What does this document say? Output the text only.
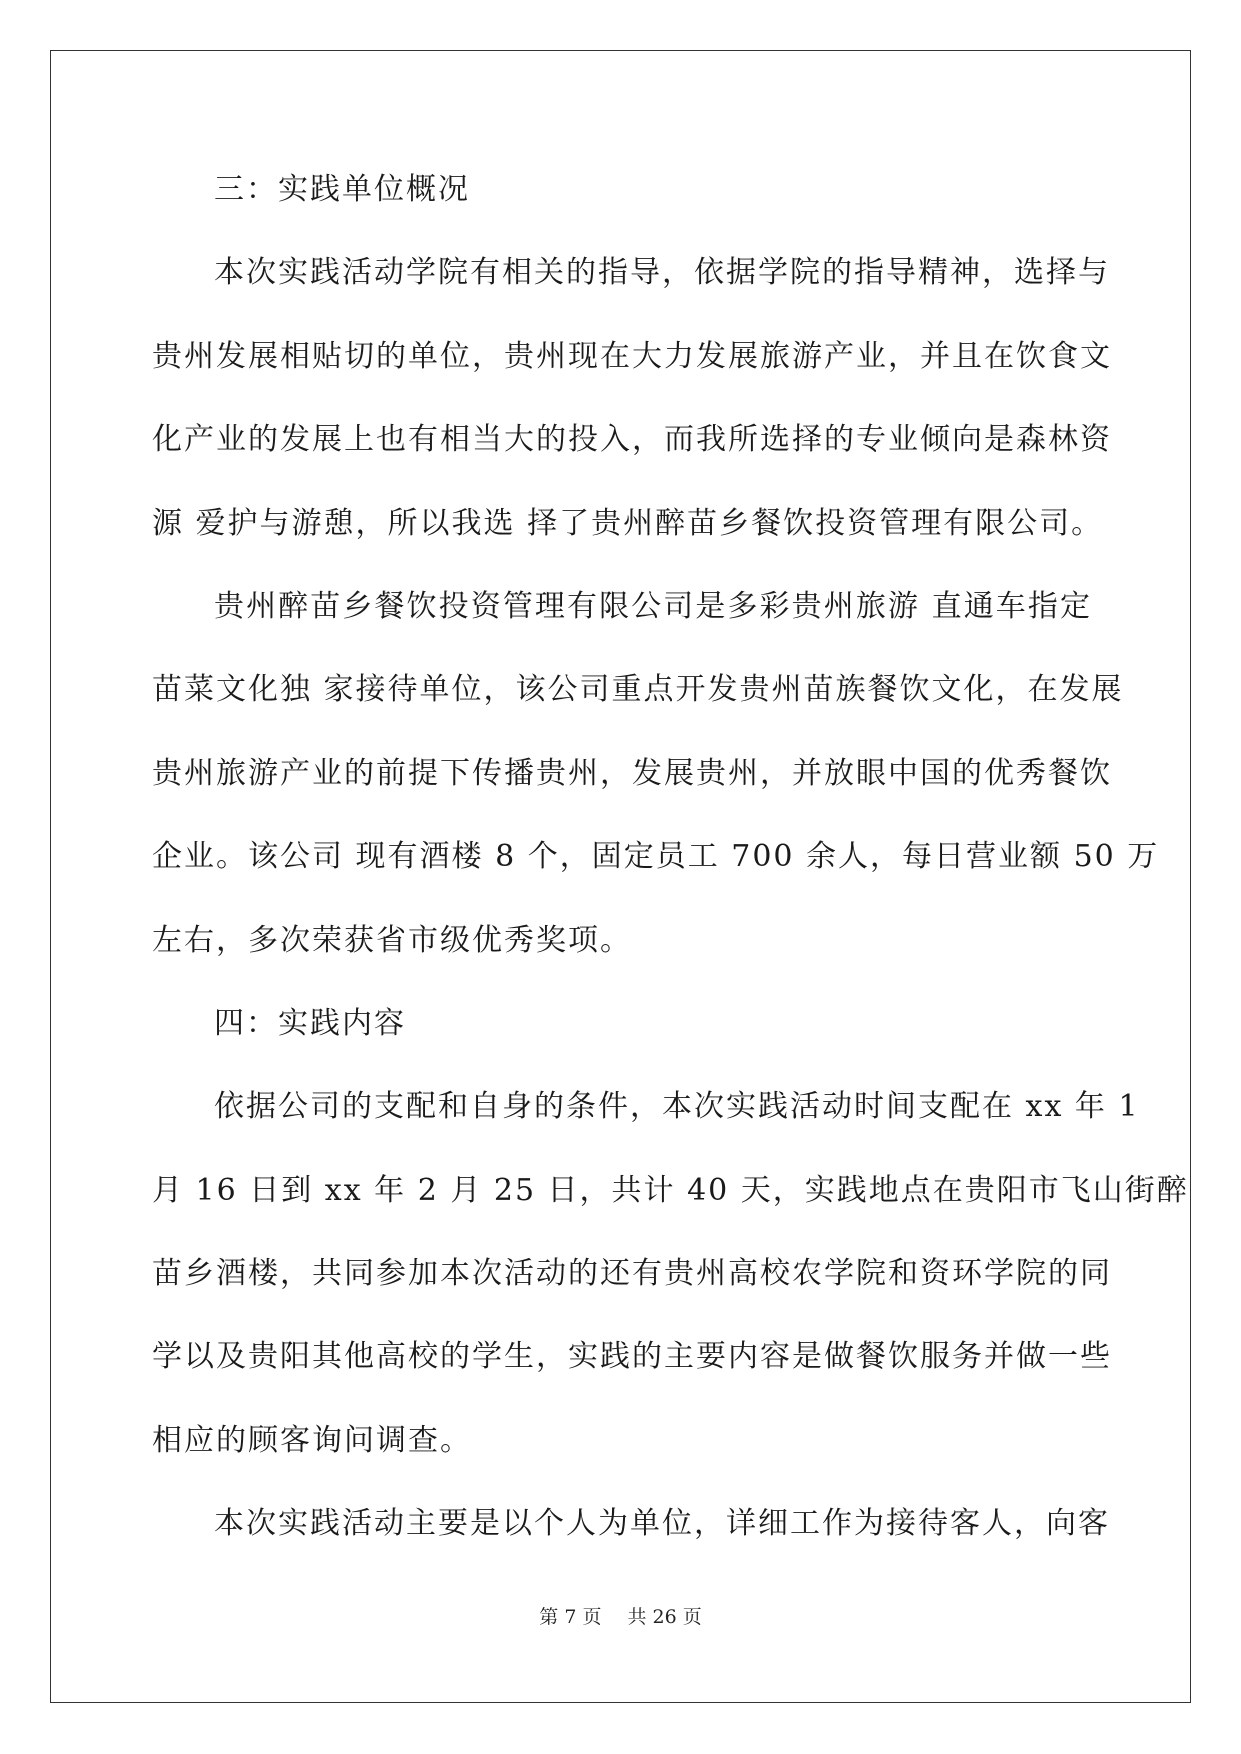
三：实践单位概况
本次实践活动学院有相关的指导，依据学院的指导精神，选择与
贵州发展相贴切的单位，贵州现在大力发展旅游产业，并且在饮食文
化产业的发展上也有相当大的投入，而我所选择的专业倾向是森林资
源 爱护与游憩，所以我选 择了贵州醉苗乡餐饮投资管理有限公司。
贵州醉苗乡餐饮投资管理有限公司是多彩贵州旅游 直通车指定
苗菜文化独 家接待单位，该公司重点开发贵州苗族餐饮文化，在发展
贵州旅游产业的前提下传播贵州，发展贵州，并放眼中国的优秀餐饮
企业。该公司 现有酒楼 8 个，固定员工 700 余人，每日营业额 50 万
左右，多次荣获省市级优秀奖项。
四：实践内容
依据公司的支配和自身的条件，本次实践活动时间支配在 xx 年 1
月 16 日到 xx 年 2 月 25 日，共计 40 天，实践地点在贵阳市飞山街醉
苗乡酒楼，共同参加本次活动的还有贵州高校农学院和资环学院的同
学以及贵阳其他高校的学生，实践的主要内容是做餐饮服务并做一些
相应的顾客询问调查。
本次实践活动主要是以个人为单位，详细工作为接待客人，向客
第 7 页 共 26 页
